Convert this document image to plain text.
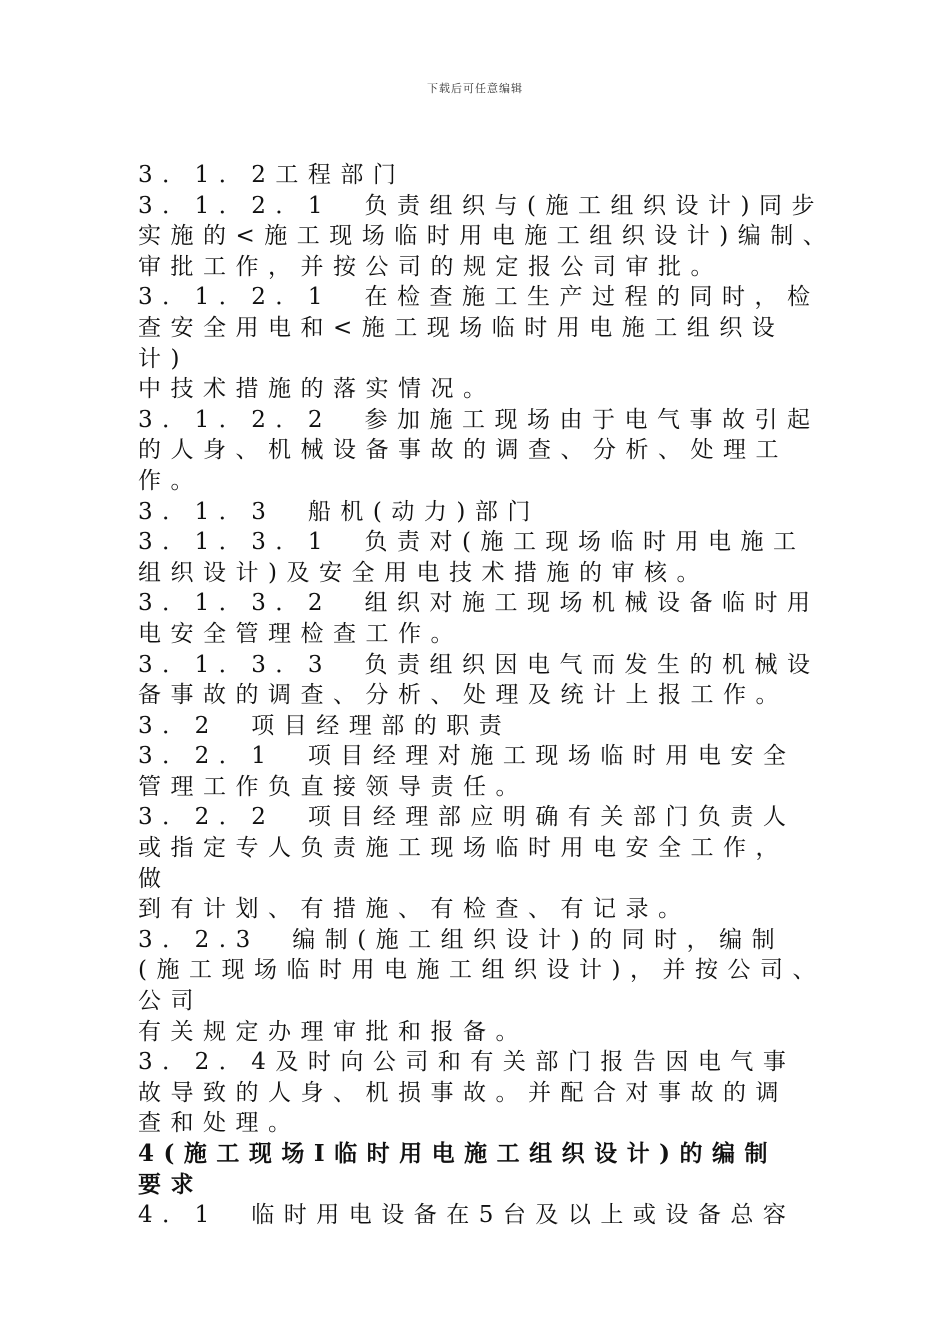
下载后可任意编辑
3．1．2工程部门
3．1．2．1　负责组织与(施工组织设计)同步
实施的<施工现场临时用电施工组织设计)编制、
审批工作，并按公司的规定报公司审批。
3．1．2．1　在检查施工生产过程的同时，检
查安全用电和<施工现场临时用电施工组织设
计)
中技术措施的落实情况。
3．1．2．2　参加施工现场由于电气事故引起
的人身、机械设备事故的调查、分析、处理工
作。
3．1．3　船机(动力)部门
3．1．3．1　负责对(施工现场临时用电施工
组织设计)及安全用电技术措施的审核。
3．1．3．2　组织对施工现场机械设备临时用
电安全管理检查工作。
3．1．3．3　负责组织因电气而发生的机械设
备事故的调查、分析、处理及统计上报工作。
3．2　项目经理部的职责
3．2．1　项目经理对施工现场临时用电安全
管理工作负直接领导责任。
3．2．2　项目经理部应明确有关部门负责人
或指定专人负责施工现场临时用电安全工作，
做
到有计划、有措施、有检查、有记录。
3．2.3　编制(施工组织设计)的同时，编制
(施工现场临时用电施工组织设计)，并按公司、
公司
有关规定办理审批和报备。
3．2．4及时向公司和有关部门报告因电气事
故导致的人身、机损事故。并配合对事故的调
查和处理。
4(施工现场I临时用电施工组织设计)的编制
要求
4．1　临时用电设备在5台及以上或设备总容
